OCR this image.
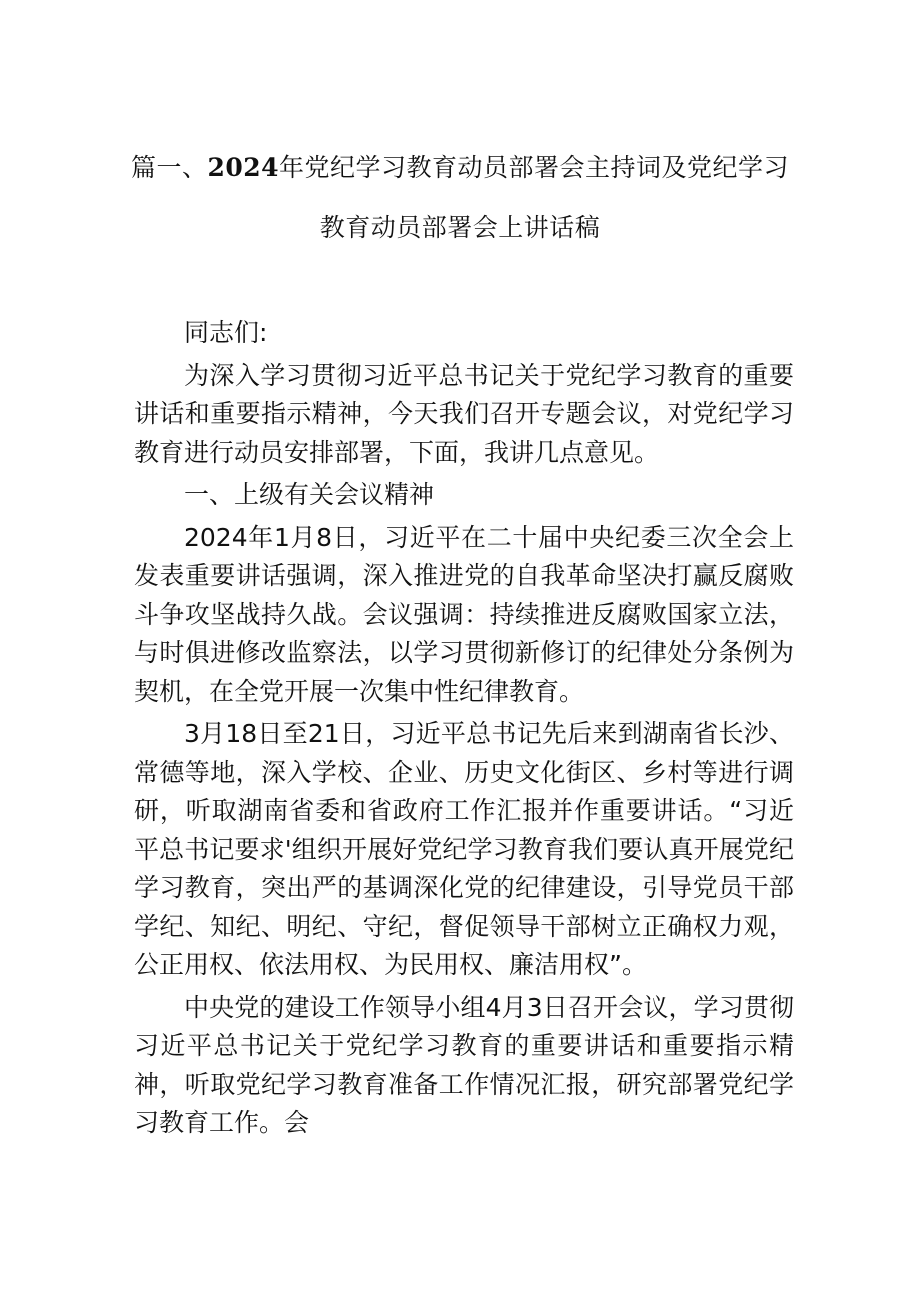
篇一、2024年党纪学习教育动员部署会主持词及党纪学习
教育动员部署会上讲话稿

同志们:

为深入学习贯彻习近平总书记关于党纪学习教育的重要讲话和重要指示精神，今天我们召开专题会议，对党纪学习教育进行动员安排部署，下面，我讲几点意见。

一、上级有关会议精神

2024年1月8日，习近平在二十届中央纪委三次全会上发表重要讲话强调，深入推进党的自我革命坚决打赢反腐败斗争攻坚战持久战。会议强调：持续推进反腐败国家立法，与时俱进修改监察法，以学习贯彻新修订的纪律处分条例为契机，在全党开展一次集中性纪律教育。

3月18日至21日，习近平总书记先后来到湖南省长沙、常德等地，深入学校、企业、历史文化街区、乡村等进行调研，听取湖南省委和省政府工作汇报并作重要讲话。“习近平总书记要求'组织开展好党纪学习教育我们要认真开展党纪学习教育，突出严的基调深化党的纪律建设，引导党员干部学纪、知纪、明纪、守纪，督促领导干部树立正确权力观，公正用权、依法用权、为民用权、廉洁用权”。

中央党的建设工作领导小组4月3日召开会议，学习贯彻习近平总书记关于党纪学习教育的重要讲话和重要指示精神，听取党纪学习教育准备工作情况汇报，研究部署党纪学习教育工作。会
